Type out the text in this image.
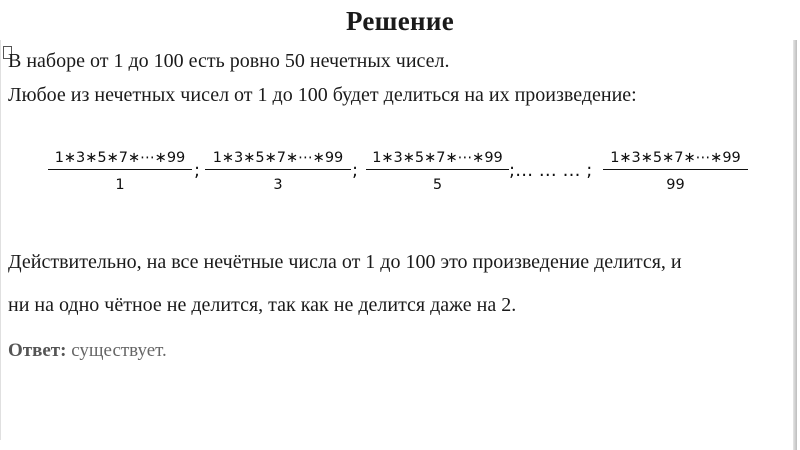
Решение
В наборе от 1 до 100 есть ровно 50 нечетных чисел.
Любое из нечетных чисел от 1 до 100 будет делиться на их произведение:
1∗3∗5∗7∗⋯∗99
1
;
1∗3∗5∗7∗⋯∗99
3
;
1∗3∗5∗7∗⋯∗99
5
;… … … ;
1∗3∗5∗7∗⋯∗99
99
Действительно, на все нечётные числа от 1 до 100 это произведение делится, и
ни на одно чётное не делится, так как не делится даже на 2.
Ответ: существует.
